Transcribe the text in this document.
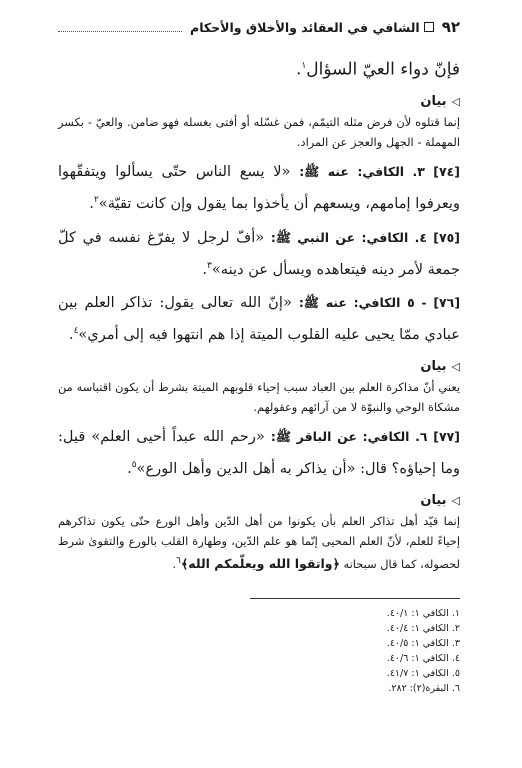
٩٢
الشافي في العقائد والأخلاق والأحكام

فإنّ دواء العيّ السؤال$^١$.

◁
بيان

إنما قتلوه لأن فرض مثله التيمّم، فمن غسّله أو أفتى بغسله فهو ضامن. والعيّ - بكسر المهملة - الجهل والعجز عن المراد.

[٧٤] ٣. الكافي: عنه ﷺ: «لا يسع الناس حتّى يسألوا ويتفقّهوا ويعرفوا إمامهم، ويسعهم أن يأخذوا بما يقول وإن كانت تقيّة»$^٢$.

[٧٥] ٤. الكافي: عن النبي ﷺ: «أفّ لرجل لا يفرّغ نفسه في كلّ جمعة لأمر دينه فيتعاهده ويسأل عن دينه»$^٣$.

[٧٦] - ٥ الكافي: عنه ﷺ: «إنّ الله تعالى يقول: تذاكر العلم بين عبادي ممّا يحيى عليه القلوب الميتة إذا هم انتهوا فيه إلى أمري»$^٤$.

◁
بيان

يعني أنّ مذاكرة العلم بين العباد سبب إحياء قلوبهم الميتة بشرط أن يكون اقتباسه من مشكاة الوحي والنبوّة لا من آرائهم وعقولهم.

[٧٧] ٦. الكافي: عن الباقر ﷺ: «رحم الله عبداً أحيى العلم» قيل: وما إحياؤه؟ قال: «أن يذاكر به أهل الدين وأهل الورع»$^٥$.

◁
بيان

إنما قيّد أهل تذاكر العلم بأن يكونوا من أهل الدّين وأهل الورع حتّى يكون تذاكرهم إحياءً للعلم، لأنّ العلم المحيى إنّما هو علم الدّين، وطهارة القلب بالورع والتقوىٰ شرط لحصوله، كما قال سبحانه ﴿واتقوا الله ويعلّمكم الله﴾$^٦$.

١. الكافي ١: ٤٠/١.
٢. الكافي ١: ٤٠/٤.
٣. الكافي ١: ٤٠/٥.
٤. الكافي ١: ٤٠/٦.
٥. الكافي ١: ٤١/٧.
٦. البقرة(٢): ٢٨٢.
